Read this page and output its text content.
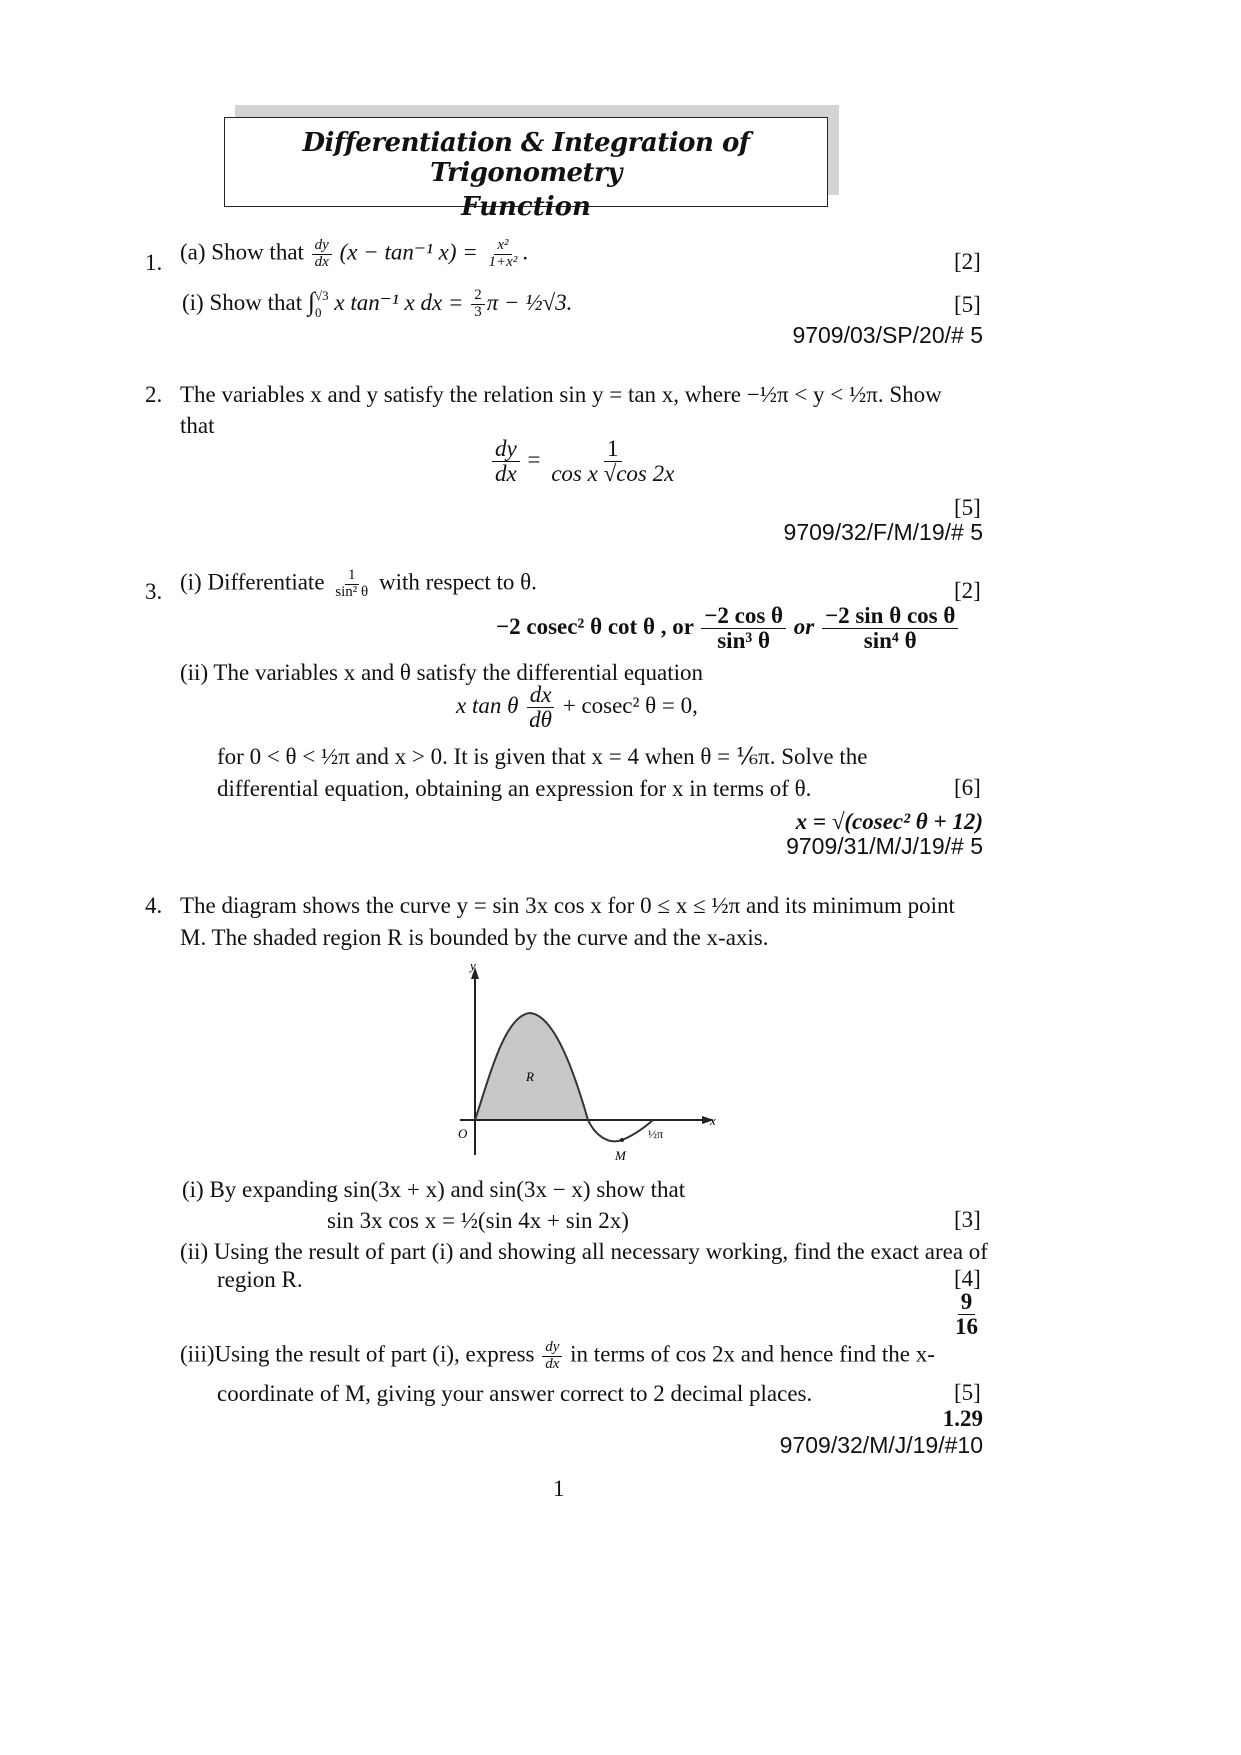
Differentiation & Integration of Trigonometry
Function
1. (a) Show that $\frac{dy}{dx} (x - \tan^{-1}$ $x) = \frac{\text{x²}}{\text{1+x²}}$ .	[2]
(i) Show that ∫ √3
0 x tan⁻¹ x dx = $\frac{2}{3}$ π − ½√3.	[5]
9709/03/SP/20/# 5
2. The variables x and y satisfy the relation sin y = tan x, where −½π < y < ½π. Show
that
$\frac{dy}{dx} = \frac{1}{\text{cos x √cos 2x}}$
[5]
9709/32/F/M/19/# 5
3. (i) Differentiate $\frac{1}{\text{sin² θ}}$ with respect to θ.	[2]
−2 cosec² θ cot θ , or $\frac{\text{−2 cos θ}}{\text{sin³ θ}}$ or $\frac{\text{−2 sin θ cos θ}}{\text{sin⁴ θ}}$
(ii) The variables x and θ satisfy the differential equation
x tan θ $\frac{dx}{d\theta} + cosec^2$ θ = 0,
for 0 < θ < ½π and x > 0. It is given that x = 4 when θ = ⅙π. Solve the
differential equation, obtaining an expression for x in terms of θ.	[6]
x = √(cosec² θ + 12)
9709/31/M/J/19/# 5
4. The diagram shows the curve y = sin 3x cos x for 0 ≤ x ≤ ½π and its minimum point
M. The shaded region R is bounded by the curve and the x-axis.
y
x
O
R
M
½π
(i) By expanding sin(3x + x) and sin(3x − x) show that
sin 3x cos x = ½(sin 4x + sin 2x)	[3]
(ii) Using the result of part (i) and showing all necessary working, find the exact area of
region R.	[4]
$\frac{9}{16}$
(iii)Using the result of part (i), express $\frac{dy}{dx}$ in terms of cos 2x and hence find the x-
coordinate of M, giving your answer correct to 2 decimal places.	[5]
1.29
9709/32/M/J/19/#10
1
